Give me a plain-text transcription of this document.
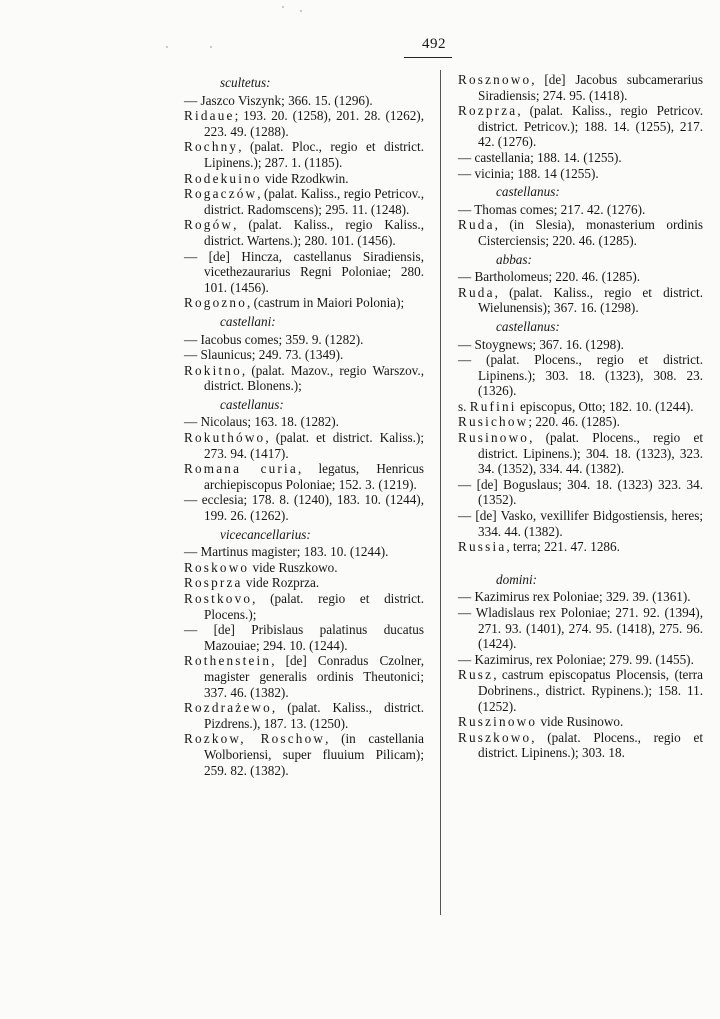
492
scultetus:
— Jaszco Viszynk; 366. 15. (1296).
Ridaue; 193. 20. (1258), 201. 28. (1262), 223. 49. (1288).
Rochny, (palat. Ploc., regio et district. Lipinens.); 287. 1. (1185).
Rodekuino vide Rzodkwin.
Rogaczów, (palat. Kaliss., regio Petricov., district. Radomscens); 295. 11. (1248).
Rogów, (palat. Kaliss., regio Kaliss., district. Wartens.); 280. 101. (1456).
— [de] Hincza, castellanus Siradiensis, vicethezaurarius Regni Poloniae; 280. 101. (1456).
Rogozno, (castrum in Maiori Polonia);
castellani:
— Iacobus comes; 359. 9. (1282).
— Slaunicus; 249. 73. (1349).
Rokitno, (palat. Mazov., regio Warszov., district. Blonens.);
castellanus:
— Nicolaus; 163. 18. (1282).
Rokuthówo, (palat. et district. Kaliss.); 273. 94. (1417).
Romana curia, legatus, Henricus archiepiscopus Poloniae; 152. 3. (1219).
— ecclesia; 178. 8. (1240), 183. 10. (1244), 199. 26. (1262).
vicecancellarius:
— Martinus magister; 183. 10. (1244).
Roskowo vide Ruszkowo.
Rosprza vide Rozprza.
Rostkovo, (palat. regio et district. Plocens.);
— [de] Pribislaus palatinus ducatus Mazouiae; 294. 10. (1244).
Rothenstein, [de] Conradus Czolner, magister generalis ordinis Theutonici; 337. 46. (1382).
Rozdrażewo, (palat. Kaliss., district. Pizdrens.), 187. 13. (1250).
Rozkow, Roschow, (in castellania Wolboriensi, super fluuium Pilicam); 259. 82. (1382).
Rosznowo, [de] Jacobus subcamerarius Siradiensis; 274. 95. (1418).
Rozprza, (palat. Kaliss., regio Petricov. district. Petricov.); 188. 14. (1255), 217. 42. (1276).
— castellania; 188. 14. (1255).
— vicinia; 188. 14 (1255).
castellanus:
— Thomas comes; 217. 42. (1276).
Ruda, (in Slesia), monasterium ordinis Cisterciensis; 220. 46. (1285).
abbas:
— Bartholomeus; 220. 46. (1285).
Ruda, (palat. Kaliss., regio et district. Wielunensis); 367. 16. (1298).
castellanus:
— Stoygnews; 367. 16. (1298).
— (palat. Plocens., regio et district. Lipinens.); 303. 18. (1323), 308. 23. (1326).
s. Rufini episcopus, Otto; 182. 10. (1244).
Rusichow; 220. 46. (1285).
Rusinowo, (palat. Plocens., regio et district. Lipinens.); 304. 18. (1323), 323. 34. (1352), 334. 44. (1382).
— [de] Boguslaus; 304. 18. (1323) 323. 34. (1352).
— [de] Vasko, vexillifer Bidgostiensis, heres; 334. 44. (1382).
Russia, terra; 221. 47. 1286.
domini:
— Kazimirus rex Poloniae; 329. 39. (1361).
— Wladislaus rex Poloniae; 271. 92. (1394), 271. 93. (1401), 274. 95. (1418), 275. 96. (1424).
— Kazimirus, rex Poloniae; 279. 99. (1455).
Rusz, castrum episcopatus Plocensis, (terra Dobrinens., district. Rypinens.); 158. 11. (1252).
Ruszinowo vide Rusinowo.
Ruszkowo, (palat. Plocens., regio et district. Lipinens.); 303. 18.
